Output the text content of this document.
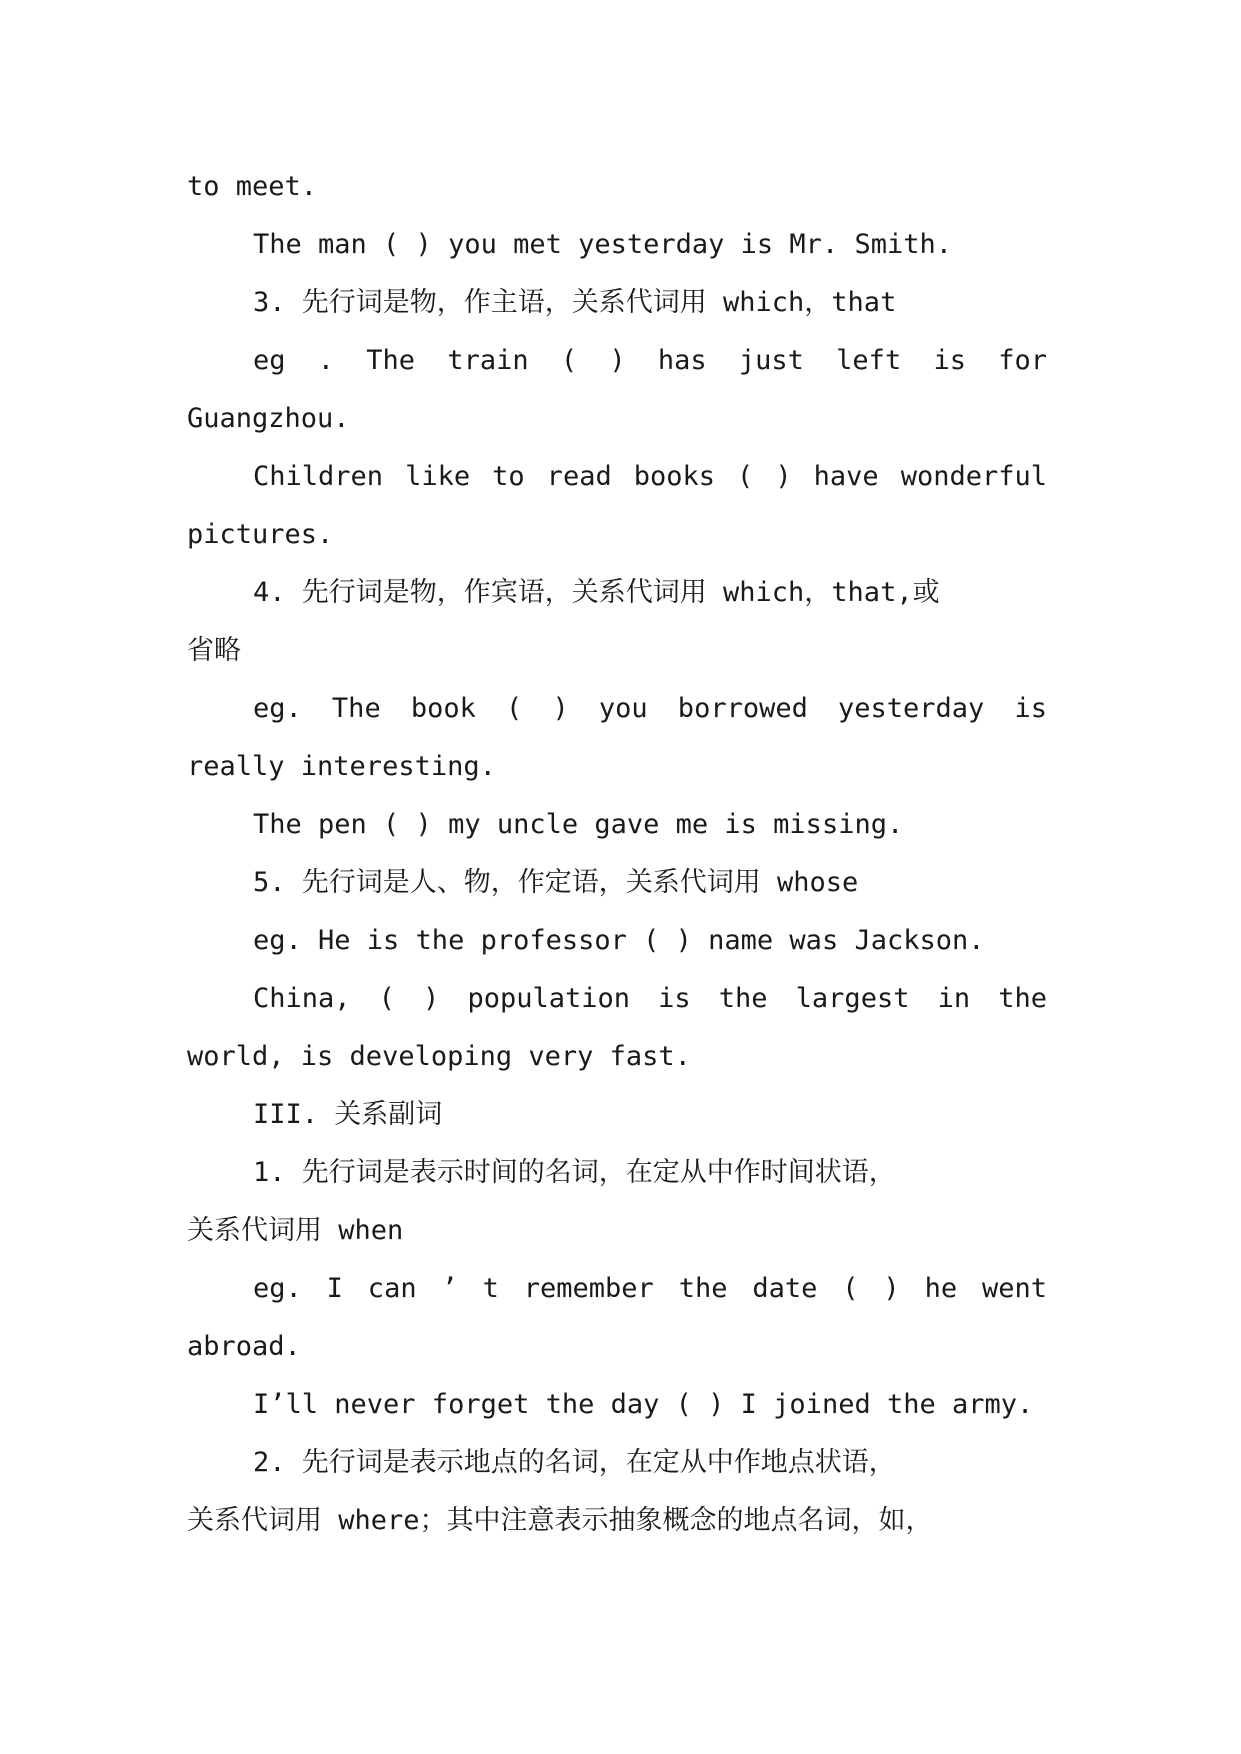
to meet.

The man ( ) you met yesterday is Mr. Smith.

3. 先行词是物，作主语，关系代词用 which，that

eg . The train ( ) has just left is for

Guangzhou.

Children like to read books ( ) have wonderful

pictures.

4. 先行词是物，作宾语，关系代词用 which，that,或

省略

eg. The book ( ) you borrowed yesterday is

really interesting.

The pen ( ) my uncle gave me is missing.

5. 先行词是人、物，作定语，关系代词用 whose

eg. He is the professor ( ) name was Jackson.

China, ( ) population is the largest in the

world, is developing very fast.

III. 关系副词

1. 先行词是表示时间的名词，在定从中作时间状语，

关系代词用 when

eg. I can ’ t remember the date ( ) he went

abroad.

I’ll never forget the day ( ) I joined the army.

2. 先行词是表示地点的名词，在定从中作地点状语，

关系代词用 where；其中注意表示抽象概念的地点名词，如，
